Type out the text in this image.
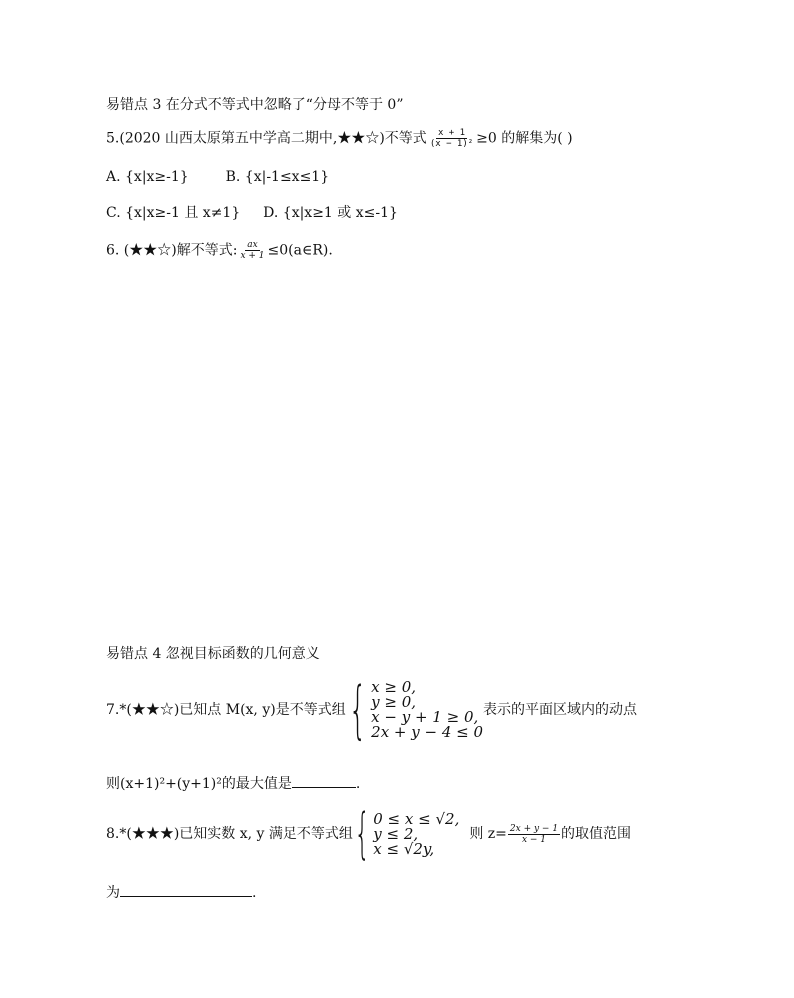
易错点 3 在分式不等式中忽略了“分母不等于 0”
5.(2020 山西太原第五中学高二期中,★★☆)不等式 $\frac{x + 1}{\text{(x − 1)²}} \ge 0$ 的解集为( )
A. {x|x≥-1}	B. {x|-1≤x≤1}
C. {x|x≥-1 且 x≠1} D. {x|x≥1 或 x≤-1}
6. (★★☆)解不等式: $\frac{ax}{x + 1}$ ≤0(a∈R).
易错点 4 忽视目标函数的几何意义
7.*(★★☆)已知点 M(x, y)是不等式组 { x ≥ 0,
y ≥ 0,
x − y + 1 ≥ 0,
2x + y − 4 ≤ 0
表示的平面区域内的动点
则(x+1)²+(y+1)²的最大值是	.
8.*(★★★)已知实数 x, y 满足不等式组 { 0 ≤ x ≤ √2,
y ≤ 2,
x ≤ √2y,
则 $z= \frac{2x + y - 1}{x - 1}$ 的取值范围
为	.
